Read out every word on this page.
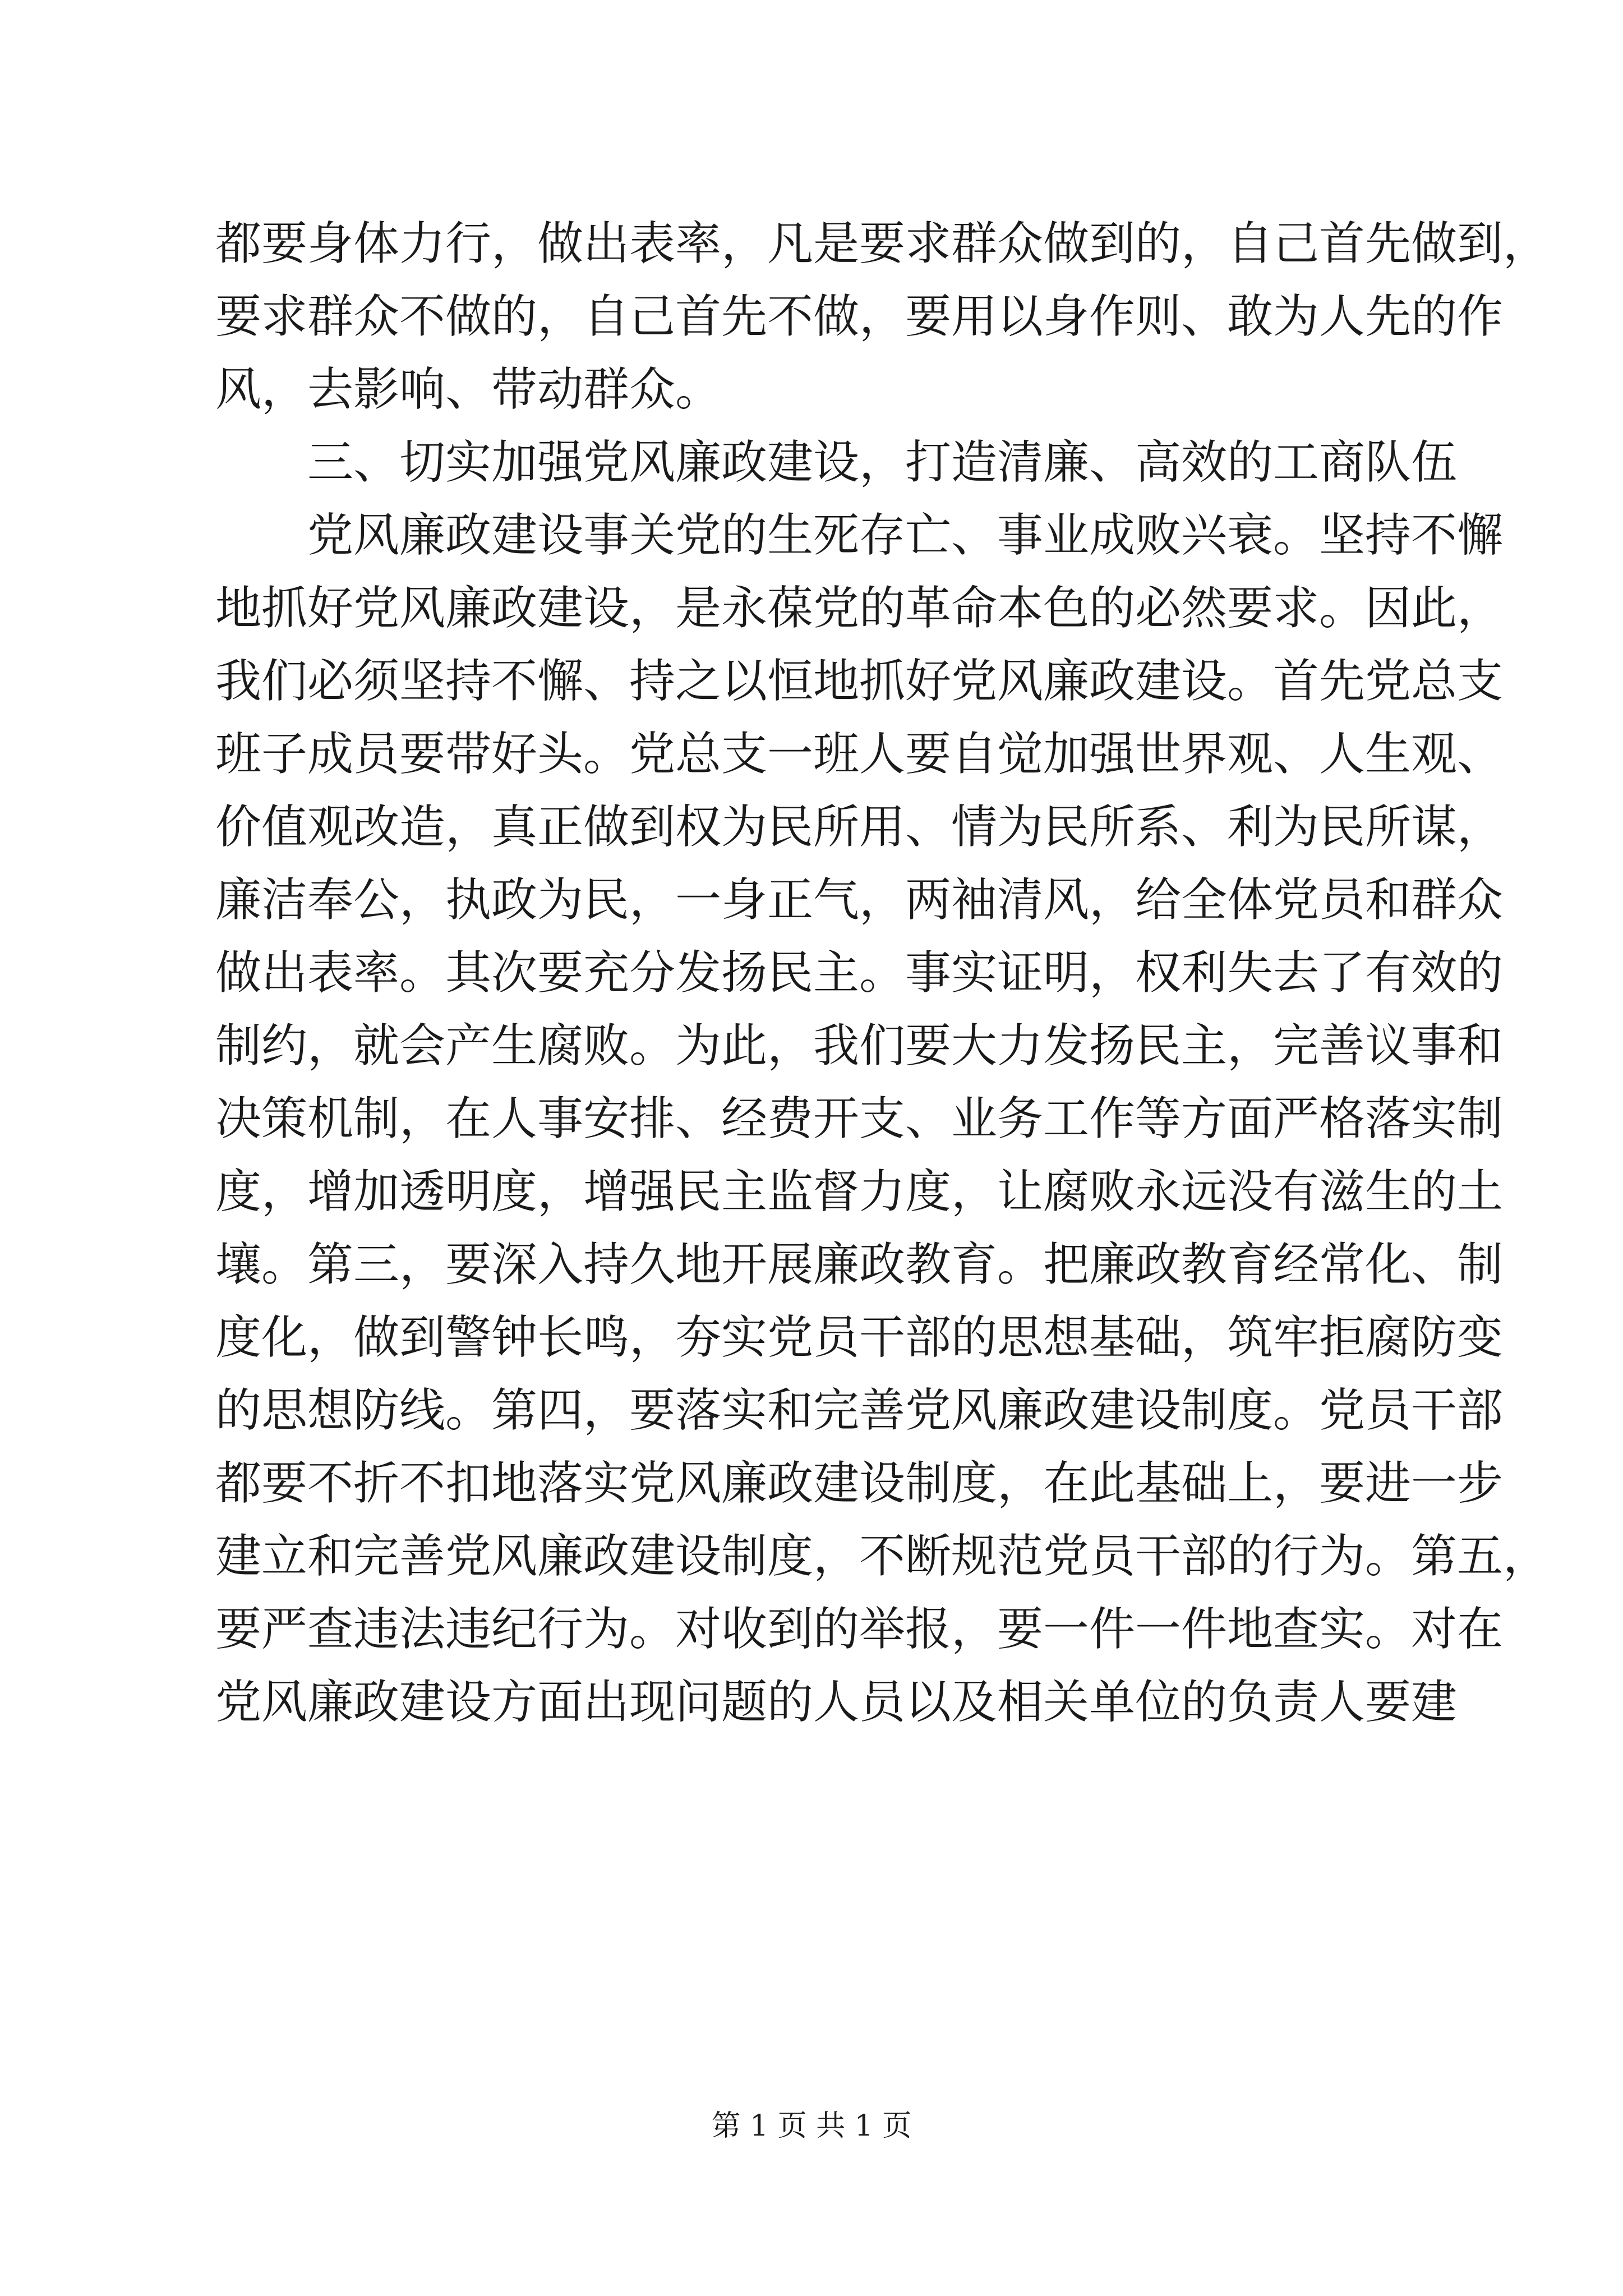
都要身体力行，做出表率，凡是要求群众做到的，自己首先做到，
要求群众不做的，自己首先不做，要用以身作则、敢为人先的作
风，去影响、带动群众。
三、切实加强党风廉政建设，打造清廉、高效的工商队伍
党风廉政建设事关党的生死存亡、事业成败兴衰。坚持不懈
地抓好党风廉政建设，是永葆党的革命本色的必然要求。因此，
我们必须坚持不懈、持之以恒地抓好党风廉政建设。首先党总支
班子成员要带好头。党总支一班人要自觉加强世界观、人生观、
价值观改造，真正做到权为民所用、情为民所系、利为民所谋，
廉洁奉公，执政为民，一身正气，两袖清风，给全体党员和群众
做出表率。其次要充分发扬民主。事实证明，权利失去了有效的
制约，就会产生腐败。为此，我们要大力发扬民主，完善议事和
决策机制，在人事安排、经费开支、业务工作等方面严格落实制
度，增加透明度，增强民主监督力度，让腐败永远没有滋生的土
壤。第三，要深入持久地开展廉政教育。把廉政教育经常化、制
度化，做到警钟长鸣，夯实党员干部的思想基础，筑牢拒腐防变
的思想防线。第四，要落实和完善党风廉政建设制度。党员干部
都要不折不扣地落实党风廉政建设制度，在此基础上，要进一步
建立和完善党风廉政建设制度，不断规范党员干部的行为。第五，
要严查违法违纪行为。对收到的举报，要一件一件地查实。对在
党风廉政建设方面出现问题的人员以及相关单位的负责人要建
第 1 页 共 1 页
